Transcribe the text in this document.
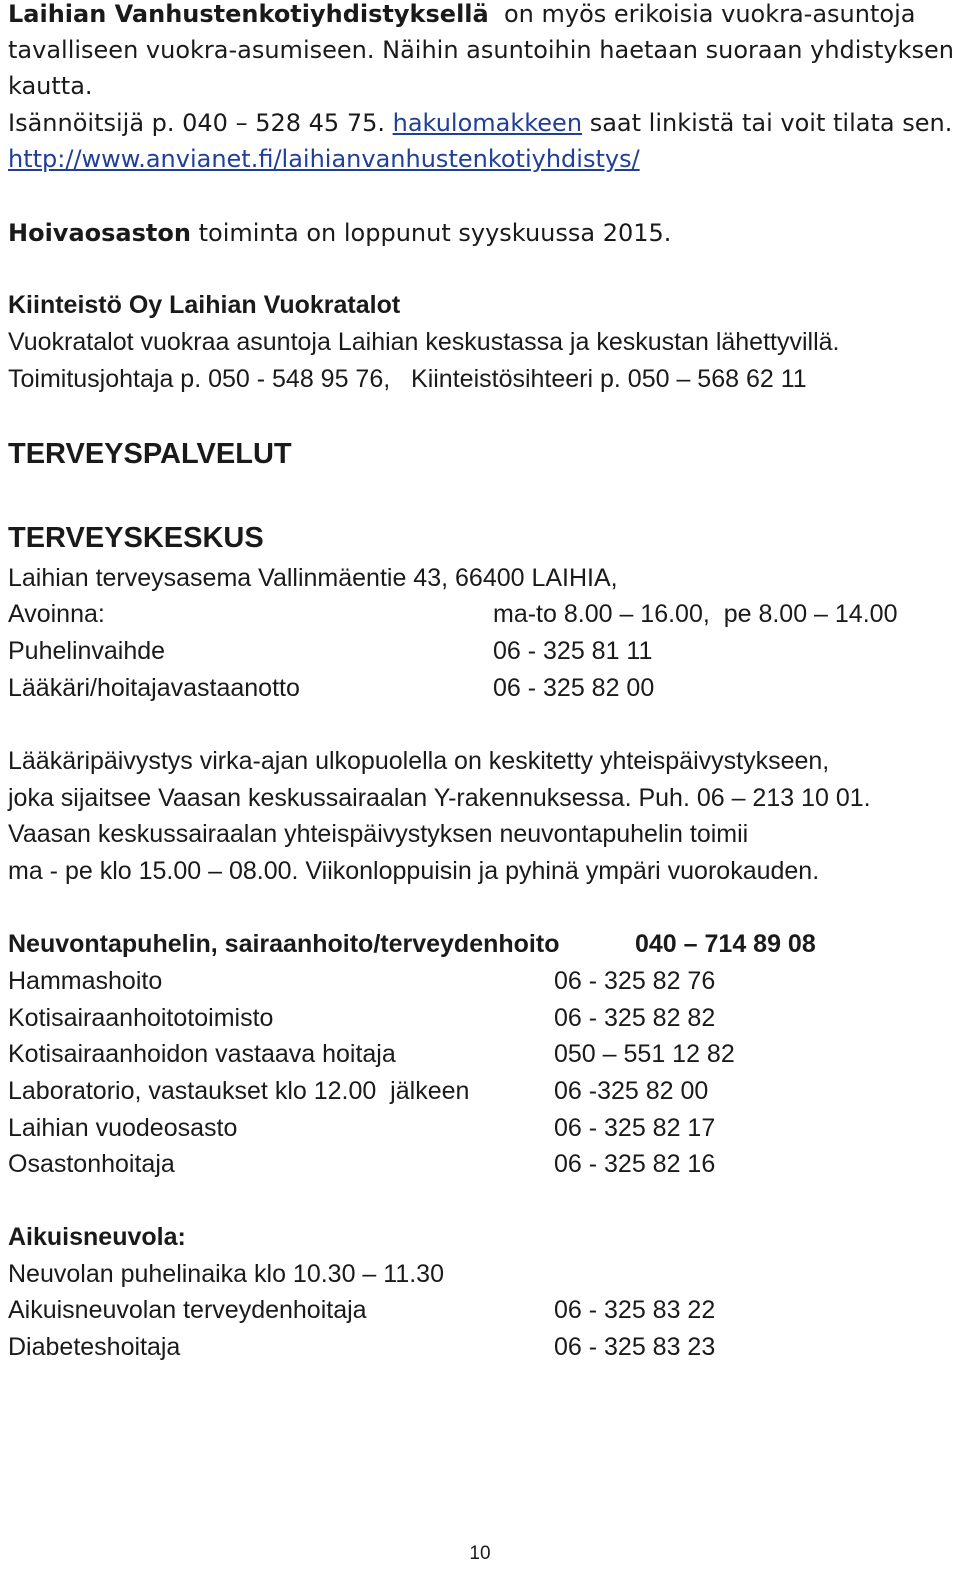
Laihian Vanhustenkotiyhdistyksellä on myös erikoisia vuokra-asuntoja
tavalliseen vuokra-asumiseen. Näihin asuntoihin haetaan suoraan yhdistyksen
kautta.
Isännöitsijä p. 040 – 528 45 75. hakulomakkeen saat linkistä tai voit tilata sen.
http://www.anvianet.fi/laihianvanhustenkotiyhdistys/
Hoivaosaston toiminta on loppunut syyskuussa 2015.
Kiinteistö Oy Laihian Vuokratalot
Vuokratalot vuokraa asuntoja Laihian keskustassa ja keskustan lähettyvillä.
Toimitusjohtaja p. 050 - 548 95 76,   Kiinteistösihteeri p. 050 – 568 62 11
TERVEYSPALVELUT
TERVEYSKESKUS
Laihian terveysasema Vallinmäentie 43, 66400 LAIHIA,
Avoinna:	ma-to 8.00 – 16.00,  pe 8.00 – 14.00
Puhelinvaihde	06 - 325 81 11
Lääkäri/hoitajavastaanotto	06 - 325 82 00
Lääkäripäivystys virka-ajan ulkopuolella on keskitetty yhteispäivystykseen,
joka sijaitsee Vaasan keskussairaalan Y-rakennuksessa. Puh. 06 – 213 10 01.
Vaasan keskussairaalan yhteispäivystyksen neuvontapuhelin toimii
ma - pe klo 15.00 – 08.00. Viikonloppuisin ja pyhinä ympäri vuorokauden.
Neuvontapuhelin, sairaanhoito/terveydenhoito	040 – 714 89 08
Hammashoito	06 - 325 82 76
Kotisairaanhoitotoimisto	06 - 325 82 82
Kotisairaanhoidon vastaava hoitaja	050 – 551 12 82
Laboratorio, vastaukset klo 12.00  jälkeen	06 -325 82 00
Laihian vuodeosasto	06 - 325 82 17
Osastonhoitaja	06 - 325 82 16
Aikuisneuvola:
Neuvolan puhelinaika klo 10.30 – 11.30
Aikuisneuvolan terveydenhoitaja	06 - 325 83 22
Diabeteshoitaja	06 - 325 83 23
10
